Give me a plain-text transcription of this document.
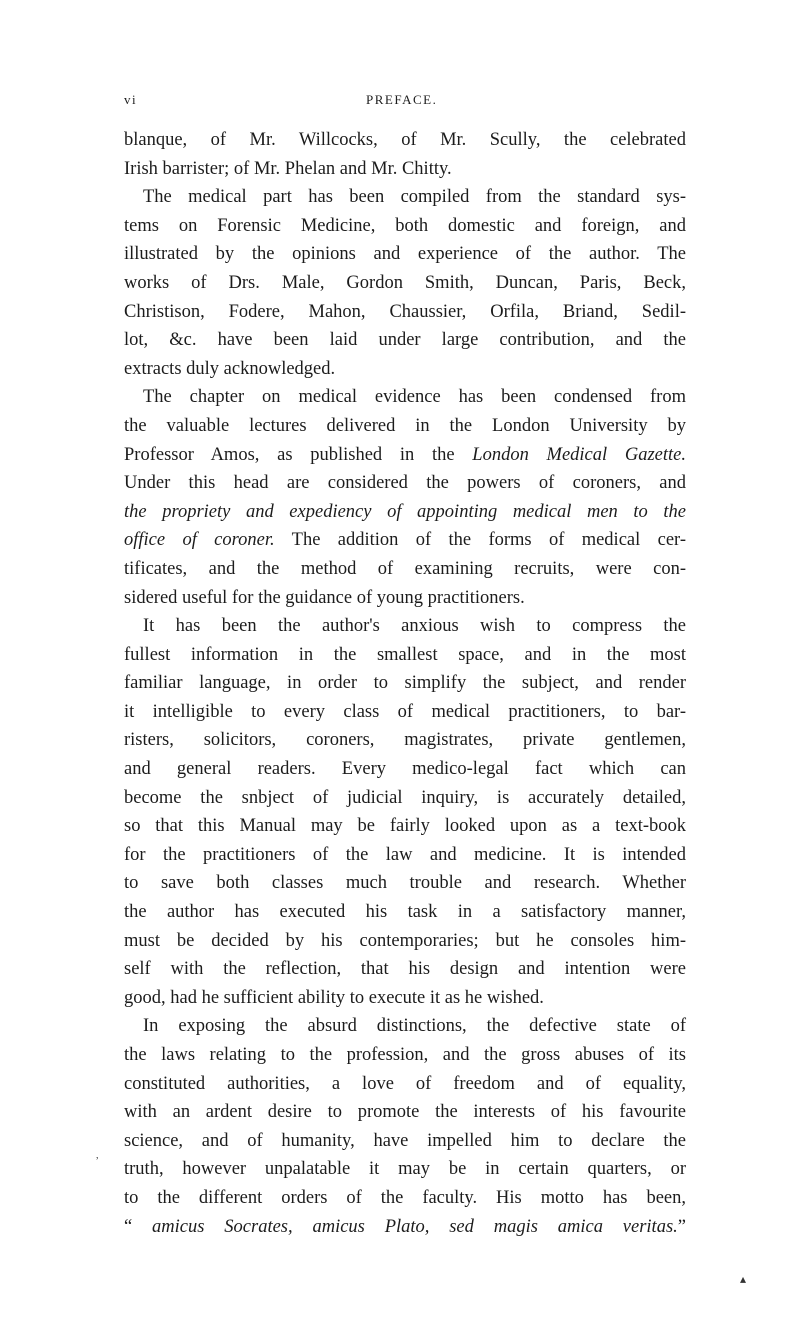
vi	PREFACE.
blanque, of Mr. Willcocks, of Mr. Scully, the celebrated
Irish barrister; of Mr. Phelan and Mr. Chitty.
The medical part has been compiled from the standard sys-
tems on Forensic Medicine, both domestic and foreign, and
illustrated by the opinions and experience of the author. The
works of Drs. Male, Gordon Smith, Duncan, Paris, Beck,
Christison, Fodere, Mahon, Chaussier, Orfila, Briand, Sedil-
lot, &c. have been laid under large contribution, and the
extracts duly acknowledged.
The chapter on medical evidence has been condensed from
the valuable lectures delivered in the London University by
Professor Amos, as published in the London Medical Gazette.
Under this head are considered the powers of coroners, and
the propriety and expediency of appointing medical men to the
office of coroner. The addition of the forms of medical cer-
tificates, and the method of examining recruits, were con-
sidered useful for the guidance of young practitioners.
It has been the author's anxious wish to compress the
fullest information in the smallest space, and in the most
familiar language, in order to simplify the subject, and render
it intelligible to every class of medical practitioners, to bar-
risters, solicitors, coroners, magistrates, private gentlemen,
and general readers. Every medico-legal fact which can
become the snbject of judicial inquiry, is accurately detailed,
so that this Manual may be fairly looked upon as a text-book
for the practitioners of the law and medicine. It is intended
to save both classes much trouble and research. Whether
the author has executed his task in a satisfactory manner,
must be decided by his contemporaries; but he consoles him-
self with the reflection, that his design and intention were
good, had he sufficient ability to execute it as he wished.
In exposing the absurd distinctions, the defective state of
the laws relating to the profession, and the gross abuses of its
constituted authorities, a love of freedom and of equality,
with an ardent desire to promote the interests of his favourite
science, and of humanity, have impelled him to declare the
truth, however unpalatable it may be in certain quarters, or
to the different orders of the faculty. His motto has been,
“ amicus Socrates, amicus Plato, sed magis amica veritas.”
,
▴
